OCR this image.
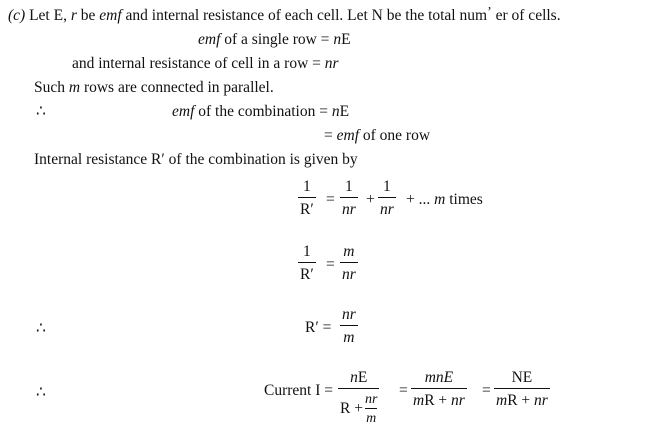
(c) Let E, r be emf and internal resistance of each cell. Let N be the total num’ er of cells.
emf of a single row = nE
and internal resistance of cell in a row = nr
Such m rows are connected in parallel.
∴	emf of the combination = nE
= emf of one row
Internal resistance R′ of the combination is given by
1
R′
=
1
nr
+
1
nr
+ ... m times
1
R′
=
m
nr
∴	R′ =
nr
m
∴	Current I =
nE
R +
nr
m
=
mnE
mR + nr
=
NE
mR + nr
